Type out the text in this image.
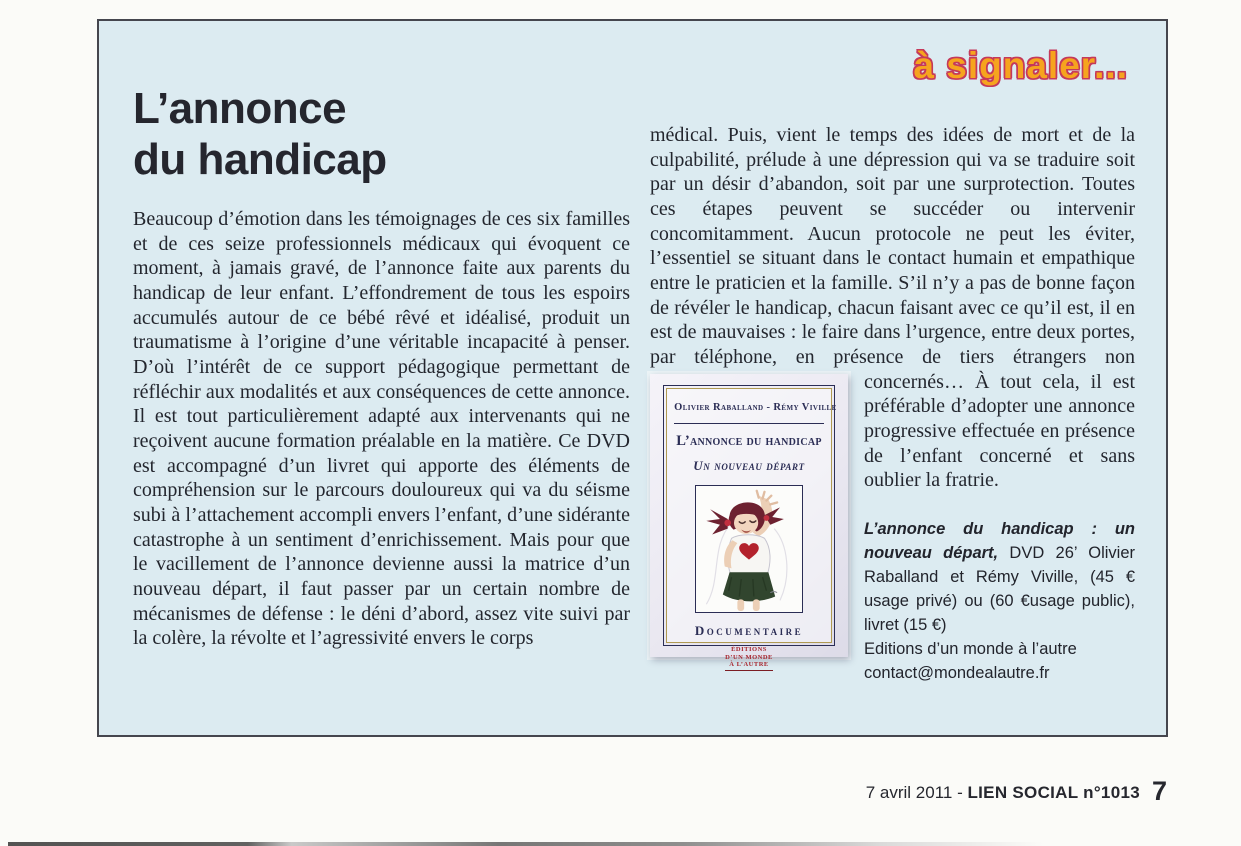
à signaler...
L’annonce
du handicap
Beaucoup d’émotion dans les témoignages de ces six familles et de ces seize professionnels médicaux qui évoquent ce moment, à jamais gravé, de l’annonce faite aux parents du handicap de leur enfant. L’effondrement de tous les espoirs accumulés autour de ce bébé rêvé et idéalisé, produit un traumatisme à l’origine d’une véritable incapacité à penser. D’où l’intérêt de ce support pédagogique permettant de réfléchir aux modalités et aux conséquences de cette annonce. Il est tout particulièrement adapté aux intervenants qui ne reçoivent aucune formation préalable en la matière. Ce DVD est accompagné d’un livret qui apporte des éléments de compréhension sur le parcours douloureux qui va du séisme subi à l’attachement accompli envers l’enfant, d’une sidérante catastrophe à un sentiment d’enrichissement. Mais pour que le vacillement de l’annonce devienne aussi la matrice d’un nouveau départ, il faut passer par un certain nombre de mécanismes de défense : le déni d’abord, assez vite suivi par la colère, la révolte et l’agressivité envers le corps
médical. Puis, vient le temps des idées de mort et de la culpabilité, prélude à une dépression qui va se traduire soit par un désir d’abandon, soit par une surprotection. Toutes ces étapes peuvent se succéder ou intervenir concomitamment. Aucun protocole ne peut les éviter, l’essentiel se situant dans le contact humain et empathique entre le praticien et la famille. S’il n’y a pas de bonne façon de révéler le handicap, chacun faisant avec ce qu’il est, il en est de mauvaises : le faire dans l’urgence, entre deux portes, par téléphone, en présence de tiers étrangers non concernés… À tout
Olivier Raballand - Rémy Viville
L’annonce du handicap
Un nouveau départ
Documentaire
ÉDITIONS
D’UN MONDE
À L’AUTRE
cela, il est préférable d’adopter une annonce progressive effectuée en présence de l’enfant concerné et sans oublier la fratrie.
L’annonce du handicap : un nouveau départ, DVD 26’ Olivier Raballand et Rémy Viville, (45 € usage privé) ou (60 €usage public), livret (15 €)
Editions d’un monde à l’autre
contact@mondealautre.fr
7 avril 2011 - LIEN SOCIAL n°1013 7
